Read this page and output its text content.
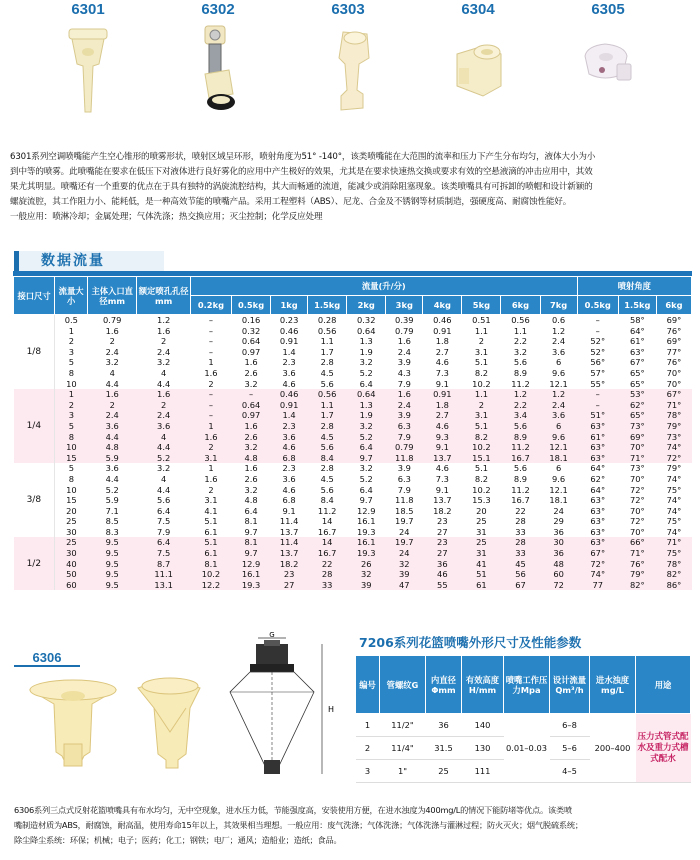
6301	6302	6303	6304	6305

6301系列空调喷嘴能产生空心锥形的喷雾形状，喷射区域呈环形，喷射角度为51° -140°，该类喷嘴能在大范围的流率和压力下产生分布均匀，液体大小为小

到中等的喷雾。此喷嘴能在要求在低压下对液体进行良好雾化的应用中产生极好的效果，尤其是在要求快速热交换或要求有效的空悬液滴的冲击应用中，其效

果尤其明显。喷嘴还有一个重要的优点在于具有独特的涡旋流腔结构，其大而畅通的流道，能减少或消除阻塞现象。该类喷嘴具有可拆卸的喷帽和设计新颖的

螺旋流腔，其工作阻力小、能耗低，是一种高效节能的喷嘴产品。采用工程塑料（ABS）、尼龙、合金及不锈钢等材质制造，强硬度高、耐腐蚀性能好。

一般应用：喷淋冷却；金属处理；气体洗涤；热交换应用；灭尘控制；化学反应处理

数据流量
接口尺寸	流量大小	主体入口直径mm	额定喷孔孔径mm	流量(升/分)										喷射角度		
				0.2kg	0.5kg	1kg	1.5kg	2kg	3kg	4kg	5kg	6kg	7kg	0.5kg	1.5kg	6kg
1/8	0.5	0.79	1.2	–	0.16	0.23	0.28	0.32	0.39	0.46	0.51	0.56	0.6	–	58°	69°
	1	1.6	1.6	–	0.32	0.46	0.56	0.64	0.79	0.91	1.1	1.1	1.2	–	64°	76°
	2	2	2	–	0.64	0.91	1.1	1.3	1.6	1.8	2	2.2	2.4	52°	61°	69°
	3	2.4	2.4	–	0.97	1.4	1.7	1.9	2.4	2.7	3.1	3.2	3.6	52°	63°	77°
	5	3.2	3.2	1	1.6	2.3	2.8	3.2	3.9	4.6	5.1	5.6	6	56°	67°	76°
	8	4	4	1.6	2.6	3.6	4.5	5.2	4.3	7.3	8.2	8.9	9.6	57°	65°	70°
	10	4.4	4.4	2	3.2	4.6	5.6	6.4	7.9	9.1	10.2	11.2	12.1	55°	65°	70°
1/4	1	1.6	1.6	–	–	0.46	0.56	0.64	1.6	0.91	1.1	1.2	1.2	–	53°	67°
	2	2	2	–	0.64	0.91	1.1	1.3	2.4	1.8	2	2.2	2.4	–	62°	71°
	3	2.4	2.4	–	0.97	1.4	1.7	1.9	3.9	2.7	3.1	3.4	3.6	51°	65°	78°
	5	3.6	3.6	1	1.6	2.3	2.8	3.2	6.3	4.6	5.1	5.6	6	63°	73°	79°
	8	4.4	4	1.6	2.6	3.6	4.5	5.2	7.9	9.3	8.2	8.9	9.6	61°	69°	73°
	10	4.8	4.4	2	3.2	4.6	5.6	6.4	0.79	9.1	10.2	11.2	12.1	63°	70°	74°
	15	5.9	5.2	3.1	4.8	6.8	8.4	9.7	11.8	13.7	15.1	16.7	18.1	63°	71°	72°
3/8	5	3.6	3.2	1	1.6	2.3	2.8	3.2	3.9	4.6	5.1	5.6	6	64°	73°	79°
	8	4.4	4	1.6	2.6	3.6	4.5	5.2	6.3	7.3	8.2	8.9	9.6	62°	70°	74°
	10	5.2	4.4	2	3.2	4.6	5.6	6.4	7.9	9.1	10.2	11.2	12.1	64°	72°	75°
	15	5.9	5.6	3.1	4.8	6.8	8.4	9.7	11.8	13.7	15.3	16.7	18.1	63°	72°	74°
	20	7.1	6.4	4.1	6.4	9.1	11.2	12.9	18.5	18.2	20	22	24	63°	70°	74°
	25	8.5	7.5	5.1	8.1	11.4	14	16.1	19.7	23	25	28	29	63°	72°	75°
	30	8.3	7.9	6.1	9.7	13.7	16.7	19.3	24	27	31	33	36	63°	70°	74°
1/2	25	9.5	6.4	5.1	8.1	11.4	14	16.1	19.7	23	25	28	30	63°	66°	71°
	30	9.5	7.5	6.1	9.7	13.7	16.7	19.3	24	27	31	33	36	67°	71°	75°
	40	9.5	8.7	8.1	12.9	18.2	22	26	32	36	41	45	48	72°	76°	78°
	50	9.5	11.1	10.2	16.1	23	28	32	39	46	51	56	60	74°	79°	82°
	60	9.5	13.1	12.2	19.3	27	33	39	47	55	61	67	72	77	82°	86°
6306
G
H
7206系列花篮喷嘴外形尺寸及性能参数
编号	管螺纹G	内直径Φmm	有效高度H/mm	喷嘴工作压力Mpa	设计流量Qm³/h	进水浊度mg/L	用途
1	11/2"	36	140	0.01–0.03	6–8	200–400	压力式管式配水及重力式槽式配水
2	11/4"	31.5	130		5–6		
3	1"	25	111		4–5		

6306系列三点式反射花篮喷嘴具有布水均匀，无中空现象，进水压力低，节能强度高，安装使用方便，在进水浊度为400mg/L的情况下能防堵等优点。该类喷

嘴制造材质为ABS，耐腐蚀，耐高温，使用寿命15年以上，其效果相当理想。一般应用：废气洗涤；气体洗涤；气体洗涤与灌淋过程；防火灭火；烟气脱硫系统；

除尘降尘系统：环保；机械；电子；医药；化工；钢铁；电厂；通风；造船业；造纸；食品。
